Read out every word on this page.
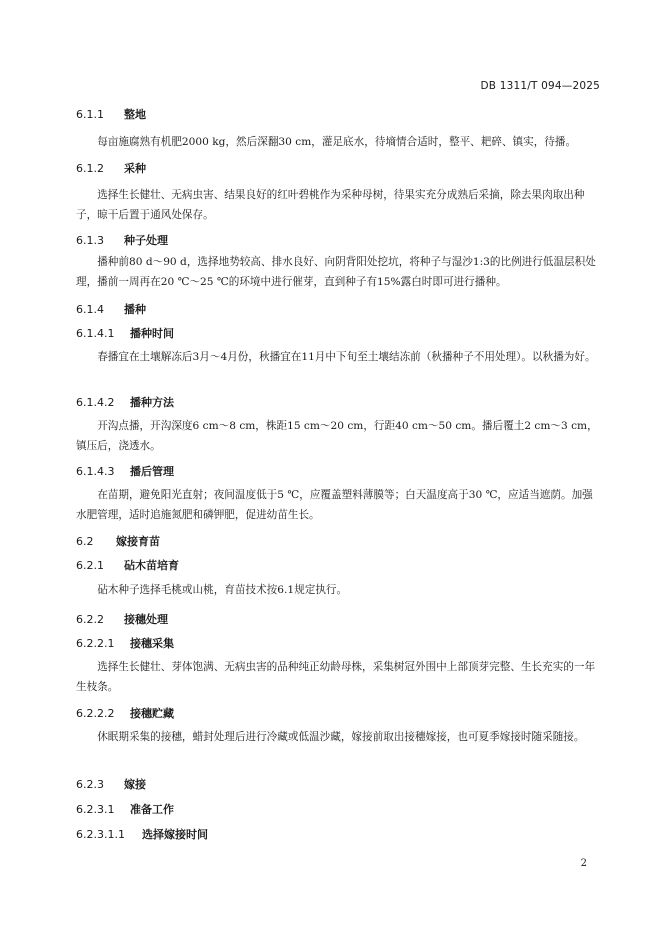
DB 1311/T 094—2025
6.1.1 整地

每亩施腐熟有机肥2000 kg，然后深翻30 cm，灌足底水，待墒情合适时，整平、耙碎、镇实，待播。

6.1.2 采种

选择生长健壮、无病虫害、结果良好的红叶碧桃作为采种母树，待果实充分成熟后采摘，除去果肉取出种子，晾干后置于通风处保存。

6.1.3 种子处理

播种前80 d～90 d，选择地势较高、排水良好、向阴背阳处挖坑，将种子与湿沙1:3的比例进行低温层积处理，播前一周再在20 ℃～25 ℃的环境中进行催芽，直到种子有15%露白时即可进行播种。

6.1.4 播种
6.1.4.1 播种时间

春播宜在土壤解冻后3月～4月份，秋播宜在11月中下旬至土壤结冻前（秋播种子不用处理）。以秋播为好。

6.1.4.2 播种方法

开沟点播，开沟深度6 cm～8 cm，株距15 cm～20 cm，行距40 cm～50 cm。播后覆土2 cm～3 cm，镇压后，浇透水。

6.1.4.3 播后管理

在苗期，避免阳光直射；夜间温度低于5 ℃，应覆盖塑料薄膜等；白天温度高于30 ℃，应适当遮荫。加强水肥管理，适时追施氮肥和磷钾肥，促进幼苗生长。

6.2 嫁接育苗
6.2.1 砧木苗培育

砧木种子选择毛桃或山桃，育苗技术按6.1规定执行。

6.2.2 接穗处理
6.2.2.1 接穗采集

选择生长健壮、芽体饱满、无病虫害的品种纯正幼龄母株，采集树冠外围中上部顶芽完整、生长充实的一年生枝条。

6.2.2.2 接穗贮藏

休眠期采集的接穗，蜡封处理后进行冷藏或低温沙藏，嫁接前取出接穗嫁接，也可夏季嫁接时随采随接。

6.2.3 嫁接
6.2.3.1 准备工作
6.2.3.1.1 选择嫁接时间
2
